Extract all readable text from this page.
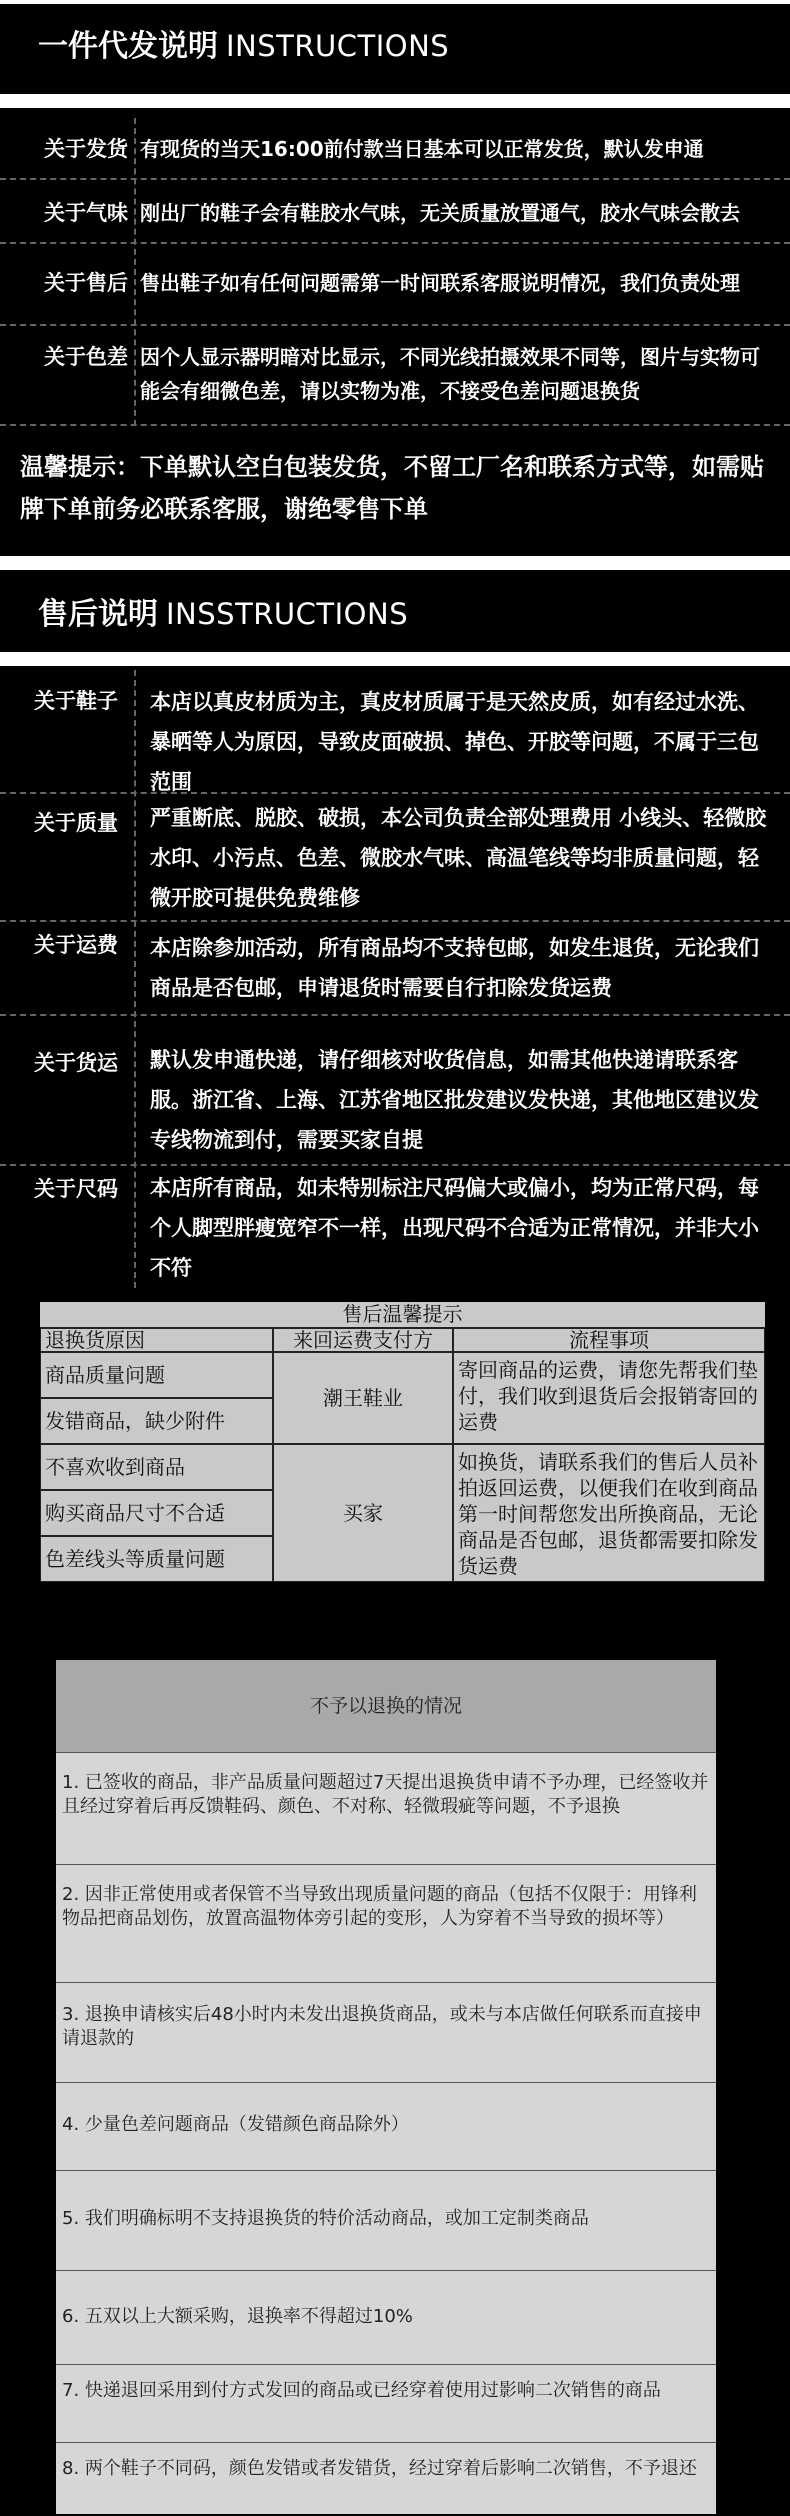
一件代发说明 INSTRUCTIONS
关于发货 有现货的当天16:00前付款当日基本可以正常发货，默认发申通
关于气味 刚出厂的鞋子会有鞋胶水气味，无关质量放置通气，胶水气味会散去
关于售后 售出鞋子如有任何问题需第一时间联系客服说明情况，我们负责处理
关于色差 因个人显示器明暗对比显示，不同光线拍摄效果不同等，图片与实物可能会有细微色差，请以实物为准，不接受色差问题退换货
温馨提示：下单默认空白包装发货，不留工厂名和联系方式等，如需贴牌下单前务必联系客服，谢绝零售下单
售后说明 INSSTRUCTIONS
关于鞋子 本店以真皮材质为主，真皮材质属于是天然皮质，如有经过水洗、暴晒等人为原因，导致皮面破损、掉色、开胶等问题，不属于三包范围
关于质量 严重断底、脱胶、破损，本公司负责全部处理费用 小线头、轻微胶水印、小污点、色差、微胶水气味、高温笔线等均非质量问题，轻微开胶可提供免费维修
关于运费 本店除参加活动，所有商品均不支持包邮，如发生退货，无论我们商品是否包邮，申请退货时需要自行扣除发货运费
关于货运 默认发申通快递，请仔细核对收货信息，如需其他快递请联系客服。浙江省、上海、江苏省地区批发建议发快递，其他地区建议发专线物流到付，需要买家自提
关于尺码 本店所有商品，如未特别标注尺码偏大或偏小，均为正常尺码，每个人脚型胖瘦宽窄不一样，出现尺码不合适为正常情况，并非大小不符
售后温馨提示
退换货原因	来回运费支付方	流程事项
商品质量问题
发错商品，缺少附件
潮王鞋业
寄回商品的运费，请您先帮我们垫付，我们收到退货后会报销寄回的运费
不喜欢收到商品
购买商品尺寸不合适
色差线头等质量问题
买家
如换货，请联系我们的售后人员补拍返回运费，以便我们在收到商品第一时间帮您发出所换商品，无论商品是否包邮，退货都需要扣除发货运费
不予以退换的情况
1. 已签收的商品，非产品质量问题超过7天提出退换货申请不予办理，已经签收并且经过穿着后再反馈鞋码、颜色、不对称、轻微瑕疵等问题，不予退换
2. 因非正常使用或者保管不当导致出现质量问题的商品（包括不仅限于：用锋利物品把商品划伤，放置高温物体旁引起的变形，人为穿着不当导致的损坏等）
3. 退换申请核实后48小时内未发出退换货商品，或未与本店做任何联系而直接申请退款的
4. 少量色差问题商品（发错颜色商品除外）
5. 我们明确标明不支持退换货的特价活动商品，或加工定制类商品
6. 五双以上大额采购，退换率不得超过10%
7. 快递退回采用到付方式发回的商品或已经穿着使用过影响二次销售的商品
8. 两个鞋子不同码，颜色发错或者发错货，经过穿着后影响二次销售，不予退还
